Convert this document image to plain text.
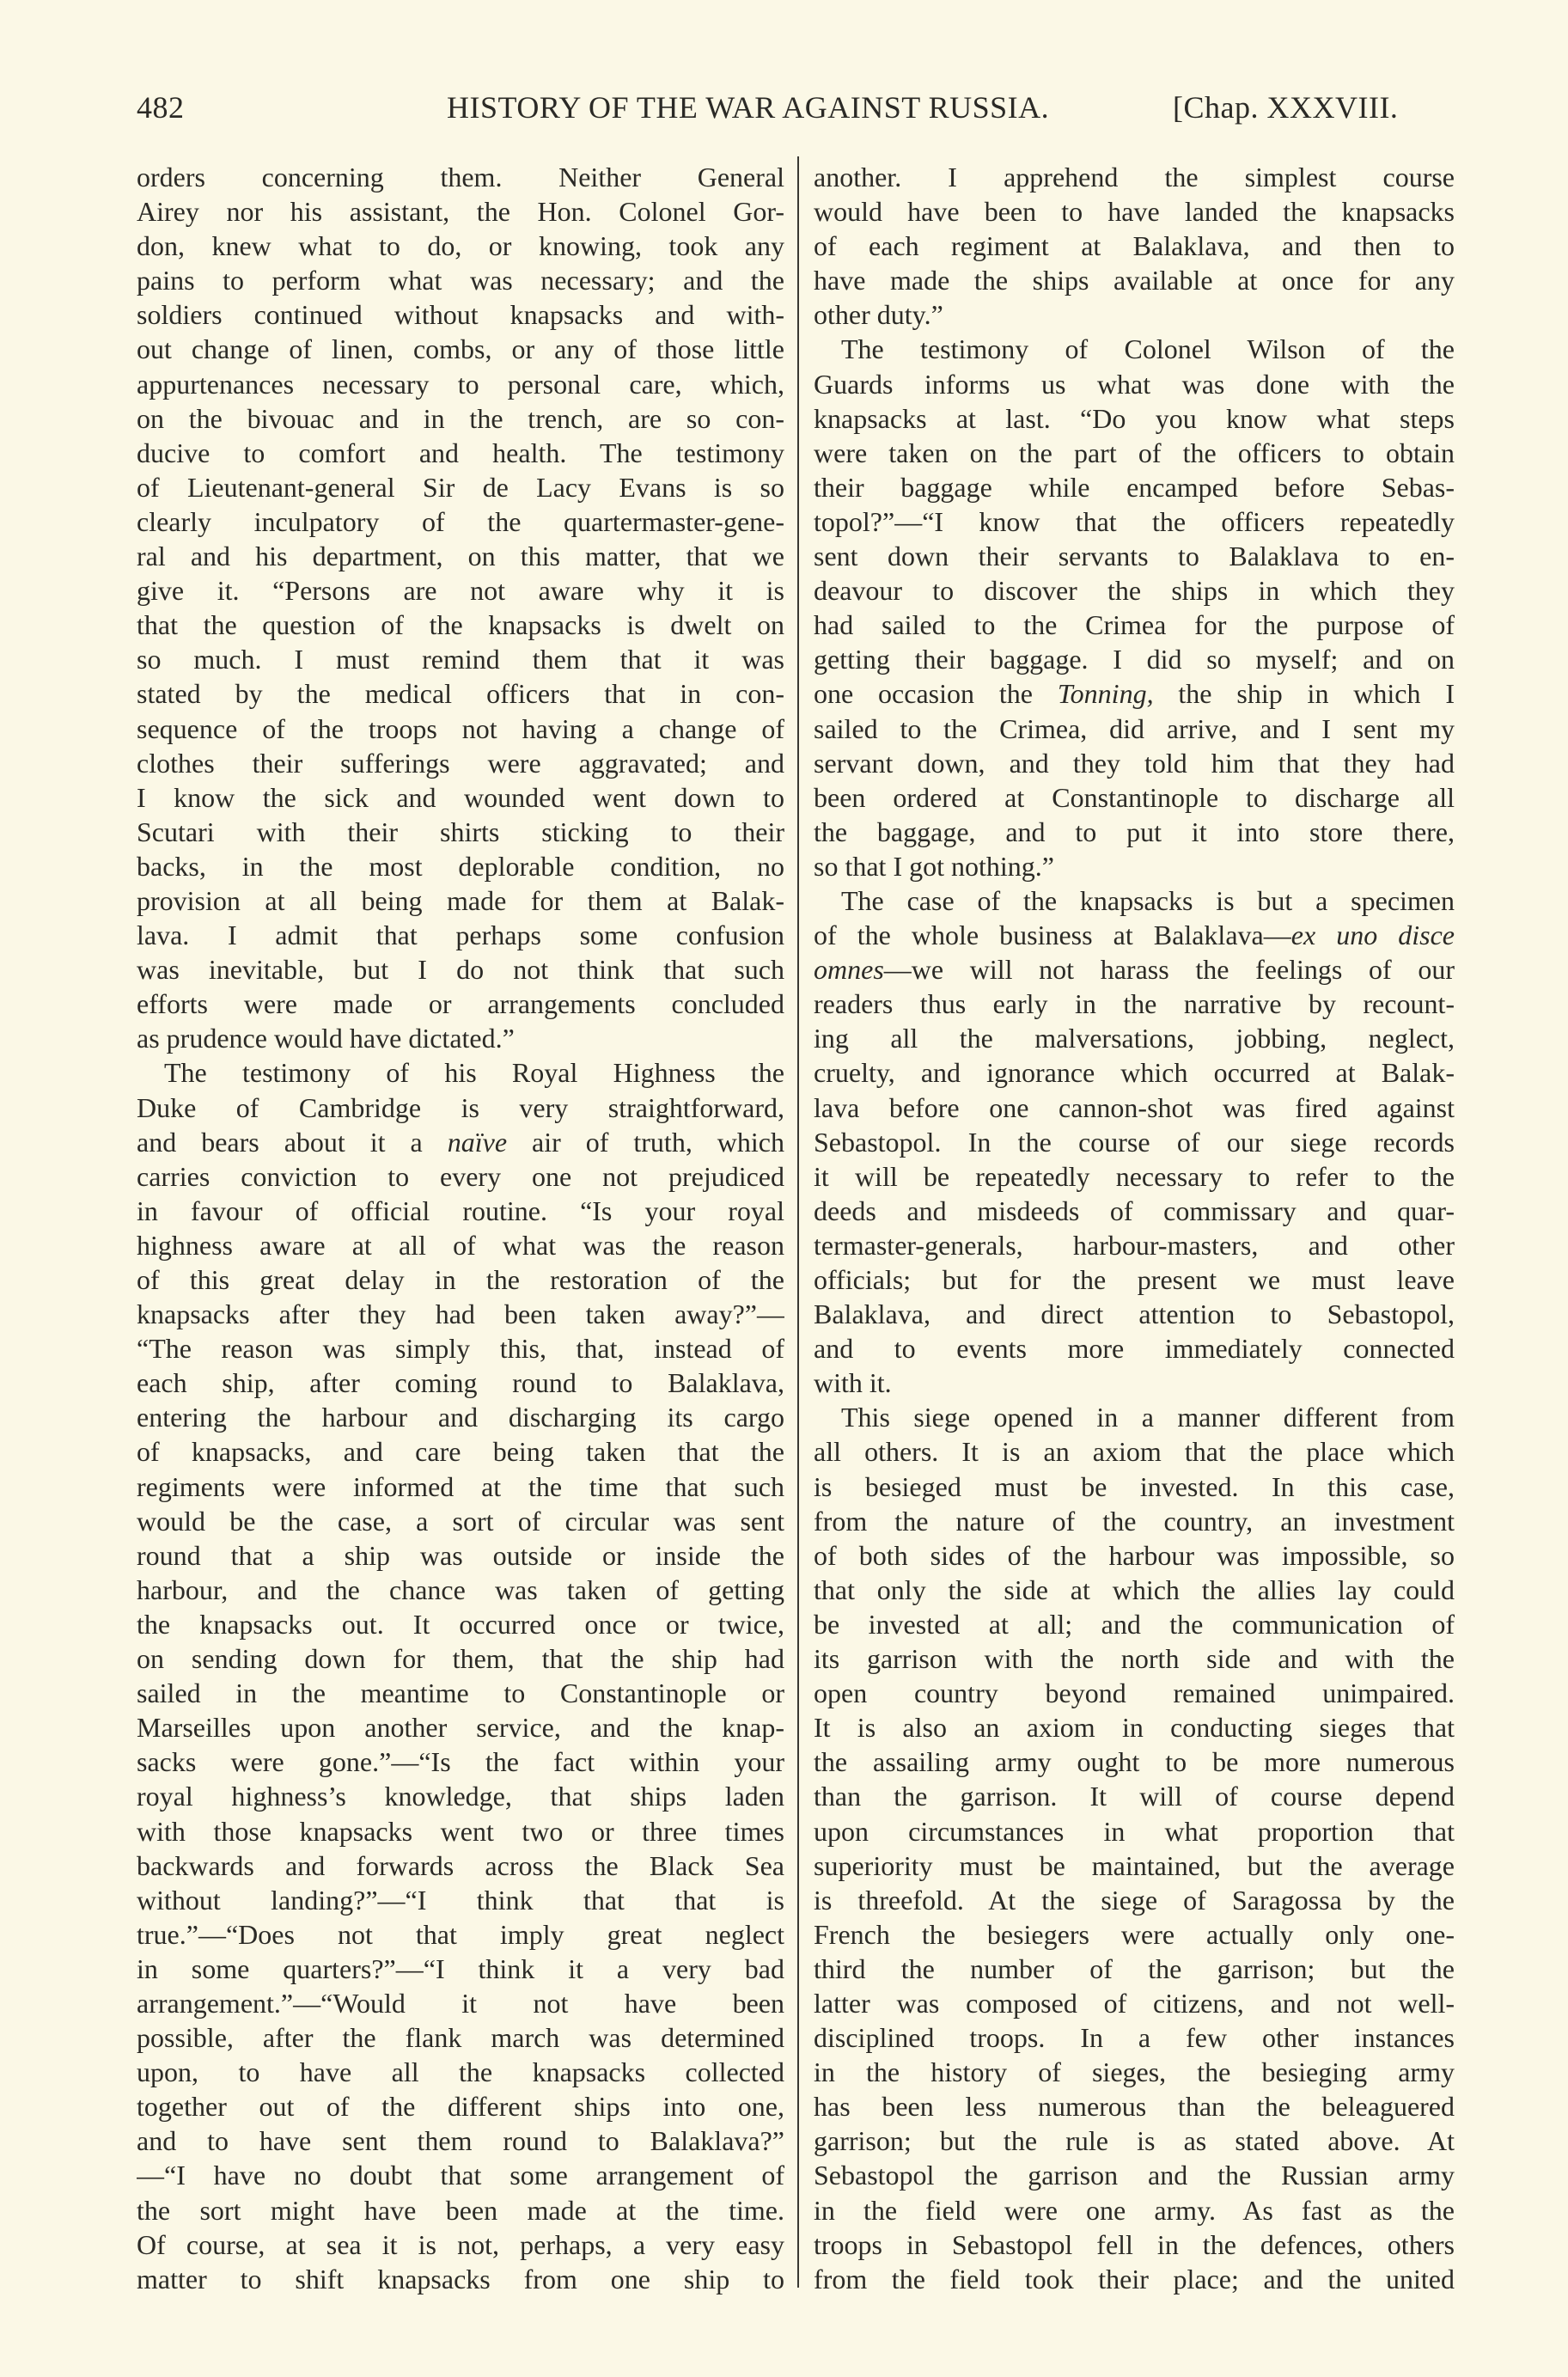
482	HISTORY OF THE WAR AGAINST RUSSIA.	[Chap. XXXVIII.
orders concerning them. Neither General
Airey nor his assistant, the Hon. Colonel Gor-
don, knew what to do, or knowing, took any
pains to perform what was necessary; and the
soldiers continued without knapsacks and with-
out change of linen, combs, or any of those little
appurtenances necessary to personal care, which,
on the bivouac and in the trench, are so con-
ducive to comfort and health. The testimony
of Lieutenant-general Sir de Lacy Evans is so
clearly inculpatory of the quartermaster-gene-
ral and his department, on this matter, that we
give it. “Persons are not aware why it is
that the question of the knapsacks is dwelt on
so much. I must remind them that it was
stated by the medical officers that in con-
sequence of the troops not having a change of
clothes their sufferings were aggravated; and
I know the sick and wounded went down to
Scutari with their shirts sticking to their
backs, in the most deplorable condition, no
provision at all being made for them at Balak-
lava. I admit that perhaps some confusion
was inevitable, but I do not think that such
efforts were made or arrangements concluded
as prudence would have dictated.”
The testimony of his Royal Highness the
Duke of Cambridge is very straightforward,
and bears about it a naïve air of truth, which
carries conviction to every one not prejudiced
in favour of official routine. “Is your royal
highness aware at all of what was the reason
of this great delay in the restoration of the
knapsacks after they had been taken away?”—
“The reason was simply this, that, instead of
each ship, after coming round to Balaklava,
entering the harbour and discharging its cargo
of knapsacks, and care being taken that the
regiments were informed at the time that such
would be the case, a sort of circular was sent
round that a ship was outside or inside the
harbour, and the chance was taken of getting
the knapsacks out. It occurred once or twice,
on sending down for them, that the ship had
sailed in the meantime to Constantinople or
Marseilles upon another service, and the knap-
sacks were gone.”—“Is the fact within your
royal highness’s knowledge, that ships laden
with those knapsacks went two or three times
backwards and forwards across the Black Sea
without landing?”—“I think that that is
true.”—“Does not that imply great neglect
in some quarters?”—“I think it a very bad
arrangement.”—“Would it not have been
possible, after the flank march was determined
upon, to have all the knapsacks collected
together out of the different ships into one,
and to have sent them round to Balaklava?”
—“I have no doubt that some arrangement of
the sort might have been made at the time.
Of course, at sea it is not, perhaps, a very easy
matter to shift knapsacks from one ship to
another. I apprehend the simplest course
would have been to have landed the knapsacks
of each regiment at Balaklava, and then to
have made the ships available at once for any
other duty.”
The testimony of Colonel Wilson of the
Guards informs us what was done with the
knapsacks at last. “Do you know what steps
were taken on the part of the officers to obtain
their baggage while encamped before Sebas-
topol?”—“I know that the officers repeatedly
sent down their servants to Balaklava to en-
deavour to discover the ships in which they
had sailed to the Crimea for the purpose of
getting their baggage. I did so myself; and on
one occasion the Tonning, the ship in which I
sailed to the Crimea, did arrive, and I sent my
servant down, and they told him that they had
been ordered at Constantinople to discharge all
the baggage, and to put it into store there,
so that I got nothing.”
The case of the knapsacks is but a specimen
of the whole business at Balaklava—ex uno disce
omnes—we will not harass the feelings of our
readers thus early in the narrative by recount-
ing all the malversations, jobbing, neglect,
cruelty, and ignorance which occurred at Balak-
lava before one cannon-shot was fired against
Sebastopol. In the course of our siege records
it will be repeatedly necessary to refer to the
deeds and misdeeds of commissary and quar-
termaster-generals, harbour-masters, and other
officials; but for the present we must leave
Balaklava, and direct attention to Sebastopol,
and to events more immediately connected
with it.
This siege opened in a manner different from
all others. It is an axiom that the place which
is besieged must be invested. In this case,
from the nature of the country, an investment
of both sides of the harbour was impossible, so
that only the side at which the allies lay could
be invested at all; and the communication of
its garrison with the north side and with the
open country beyond remained unimpaired.
It is also an axiom in conducting sieges that
the assailing army ought to be more numerous
than the garrison. It will of course depend
upon circumstances in what proportion that
superiority must be maintained, but the average
is threefold. At the siege of Saragossa by the
French the besiegers were actually only one-
third the number of the garrison; but the
latter was composed of citizens, and not well-
disciplined troops. In a few other instances
in the history of sieges, the besieging army
has been less numerous than the beleaguered
garrison; but the rule is as stated above. At
Sebastopol the garrison and the Russian army
in the field were one army. As fast as the
troops in Sebastopol fell in the defences, others
from the field took their place; and the united
